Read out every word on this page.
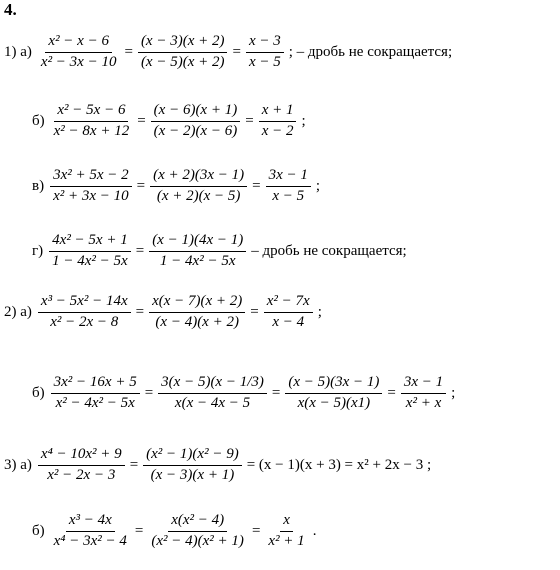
4.
1) $а) \frac{\text{x² − x − 6}}{\text{x² − 3x − 10}} = \frac{(x - 3)(x + 2)}{(x - 5)(x + 2)} = \frac{x - 3}{x - 5}$ ; – дробь не сокращается;
$б) \frac{\text{x² − 5x − 6}}{\text{x² − 8x + 12}} = \frac{(x - 6)(x + 1)}{(x - 2)(x - 6)} = \frac{x + 1}{x - 2}$ ;
$в) \frac{\text{3x² + 5x − 2}}{\text{x² + 3x − 10}} = \frac{(x + 2)(3x - 1)}{(x + 2)(x - 5)} = \frac{3x - 1}{x - 5}$ ;
$г) \frac{\text{4x² − 5x + 1}}{\text{1 − 4x² − 5x}} = \frac{(x - 1)(4x - 1)}{\text{1 − 4x² − 5x}}$ – дробь не сокращается;
2) $а) \frac{\text{x³ − 5x² − 14x}}{\text{x² − 2x − 8}} = \frac{x(x - 7)(x + 2)}{(x - 4)(x + 2)} = \frac{\text{x² − 7x}}{x - 4}$ ;
$б) \frac{\text{3x² − 16x + 5}}{\text{x² − 4x² − 5x}} = \frac{3(x - 5)(x - 1/3)}{x(x - 4x - 5} = \frac{(x - 5)(3x - 1)}{x(x - 5)(x1)} = \frac{3x - 1}{\text{x² + x}}$ ;
3) $а) \frac{\text{x⁴ − 10x² + 9}}{\text{x² − 2x − 3}} = \frac{\text{(x² − 1)(x² − 9)}}{(x - 3)(x + 1)} = (x - 1)(x + 3) = x^2 + 2x - 3$ ;
$б) \frac{\text{x³ − 4x}}{\text{x⁴ − 3x² − 4}} = \frac{\text{x(x² − 4)}}{\text{(x² − 4)(x² + 1)}} = \frac{x}{\text{x² + 1}}$ .
